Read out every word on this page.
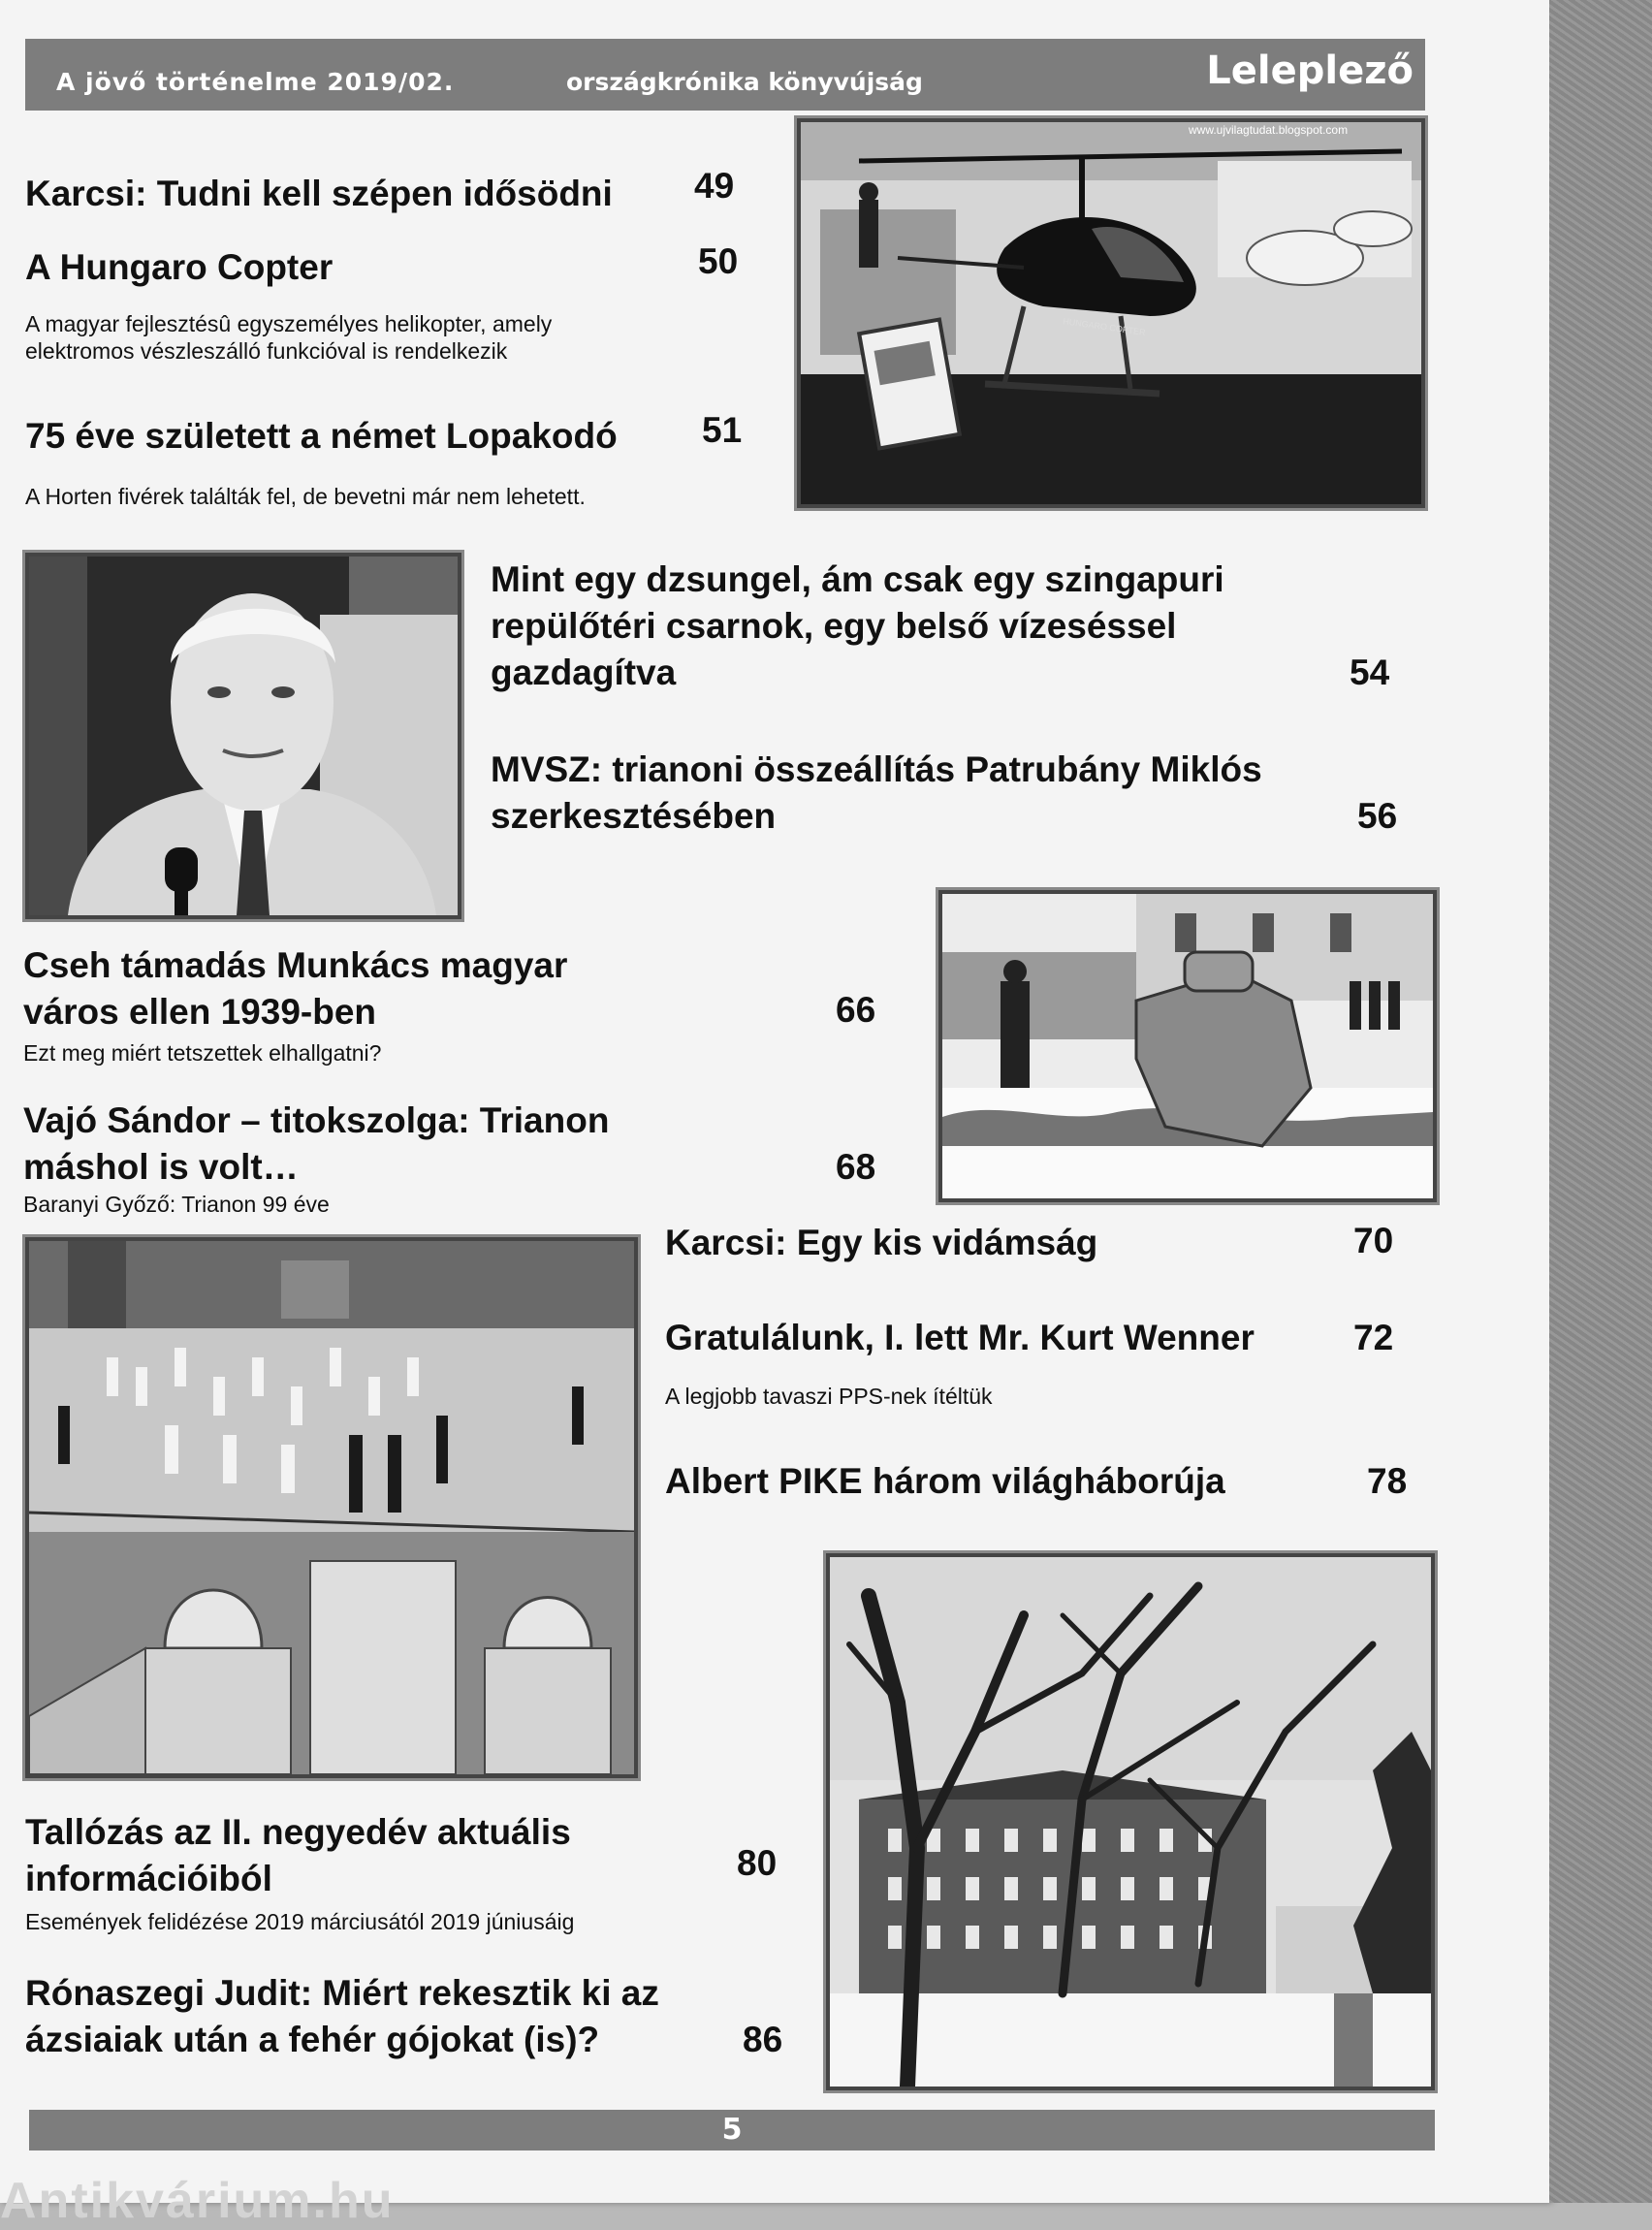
A jövő történelme 2019/02.	országkrónika könyvújság	Leleplező
Karcsi: Tudni kell szépen idősödni	49
A Hungaro Copter	50
A magyar fejlesztésû egyszemélyes helikopter, amely elektromos vészleszálló funkcióval is rendelkezik
75 éve született a német Lopakodó	51
A Horten fivérek találták fel, de bevetni már nem lehetett.
HUNGARO COPTER
www.ujvilagtudat.blogspot.com
Mint egy dzsungel, ám csak egy szingapuri repülőtéri csarnok, egy belső vízeséssel gazdagítva	54
MVSZ: trianoni összeállítás Patrubány Miklós szerkesztésében	56
Cseh támadás Munkács magyar város ellen 1939-ben	66
Ezt meg miért tetszettek elhallgatni?
Vajó Sándor – titokszolga: Trianon máshol is volt…	68
Baranyi Győző: Trianon 99 éve
Karcsi: Egy kis vidámság	70
Gratulálunk, I. lett Mr. Kurt Wenner	72
A legjobb tavaszi PPS-nek ítéltük
Albert PIKE három világháborúja	78
Tallózás az II. negyedév aktuális információiból	80
Események felidézése 2019 márciusától 2019 júniusáig
Rónaszegi Judit: Miért rekesztik ki az ázsiaiak után a fehér gójokat (is)?	86
5
Antikvárium.hu
